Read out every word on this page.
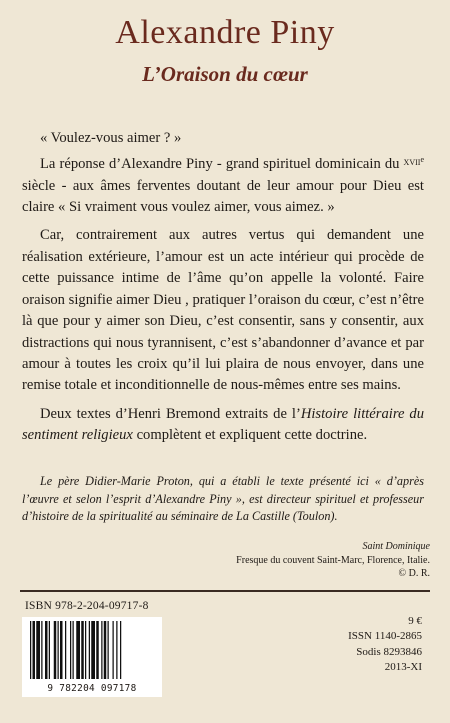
Alexandre Piny
L’Oraison du cœur

« Voulez-vous aimer ? »

La réponse d’Alexandre Piny - grand spirituel dominicain du $^{xviie}$ siècle - aux âmes ferventes doutant de leur amour pour Dieu est claire « Si vraiment vous voulez aimer, vous aimez. »

Car, contrairement aux autres vertus qui demandent une réalisation extérieure, l’amour est un acte intérieur qui procède de cette puissance intime de l’âme qu’on appelle la volonté. Faire oraison signifie aimer Dieu , pratiquer l’oraison du cœur, c’est n’être là que pour y aimer son Dieu, c’est consentir, sans y consentir, aux distractions qui nous tyrannisent, c’est s’abandonner d’avance et par amour à toutes les croix qu’il lui plaira de nous envoyer, dans une remise totale et inconditionnelle de nous-mêmes entre ses mains.

Deux textes d’Henri Bremond extraits de l’Histoire littéraire du sentiment religieux complètent et expliquent cette doctrine.

Le père Didier-Marie Proton, qui a établi le texte présenté ici « d’après l’œuvre et selon l’esprit d’Alexandre Piny », est directeur spirituel et professeur d’histoire de la spiritualité au séminaire de La Castille (Toulon).

Saint Dominique
Fresque du couvent Saint-Marc, Florence, Italie.
© D. R.
ISBN 978-2-204-09717-8
9 782204 097178
9 €
ISSN 1140-2865
Sodis 8293846
2013-XI
